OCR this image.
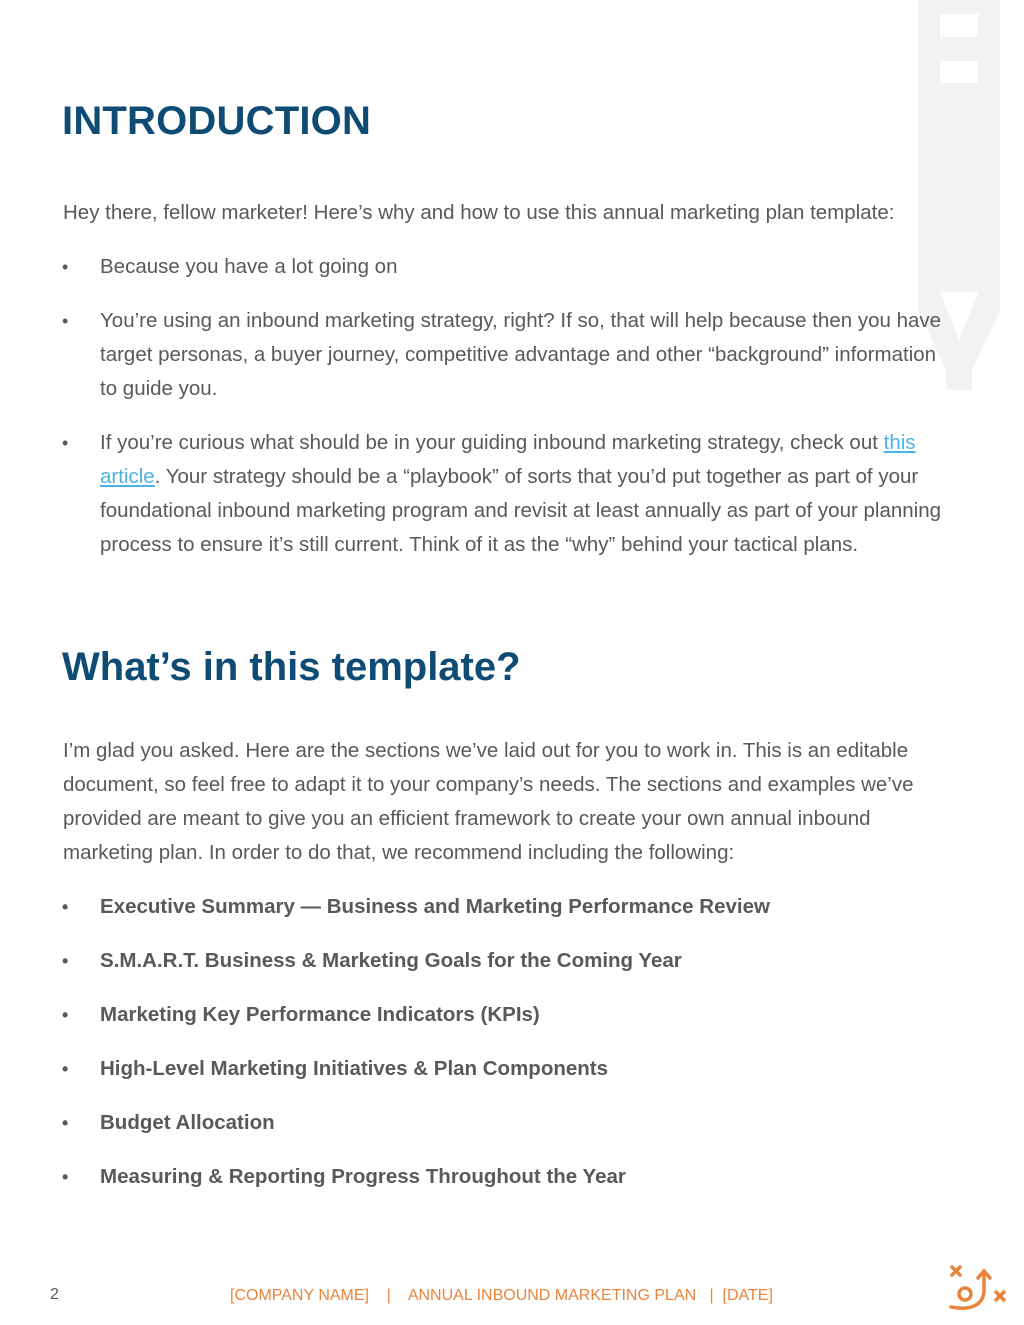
INTRODUCTION

Hey there, fellow marketer! Here’s why and how to use this annual marketing plan template:

• Because you have a lot going on
• You’re using an inbound marketing strategy, right? If so, that will help because then you have target personas, a buyer journey, competitive advantage and other “background” information to guide you.
• If you’re curious what should be in your guiding inbound marketing strategy, check out this article. Your strategy should be a “playbook” of sorts that you’d put together as part of your foundational inbound marketing program and revisit at least annually as part of your planning process to ensure it’s still current. Think of it as the “why” behind your tactical plans.
What’s in this template?

I’m glad you asked. Here are the sections we’ve laid out for you to work in. This is an editable document, so feel free to adapt it to your company’s needs. The sections and examples we’ve provided are meant to give you an efficient framework to create your own annual inbound marketing plan. In order to do that, we recommend including the following:

• Executive Summary — Business and Marketing Performance Review
• S.M.A.R.T. Business & Marketing Goals for the Coming Year
• Marketing Key Performance Indicators (KPIs)
• High-Level Marketing Initiatives & Plan Components
• Budget Allocation
• Measuring & Reporting Progress Throughout the Year
2	[COMPANY NAME]    |    ANNUAL INBOUND MARKETING PLAN   |  [DATE]
